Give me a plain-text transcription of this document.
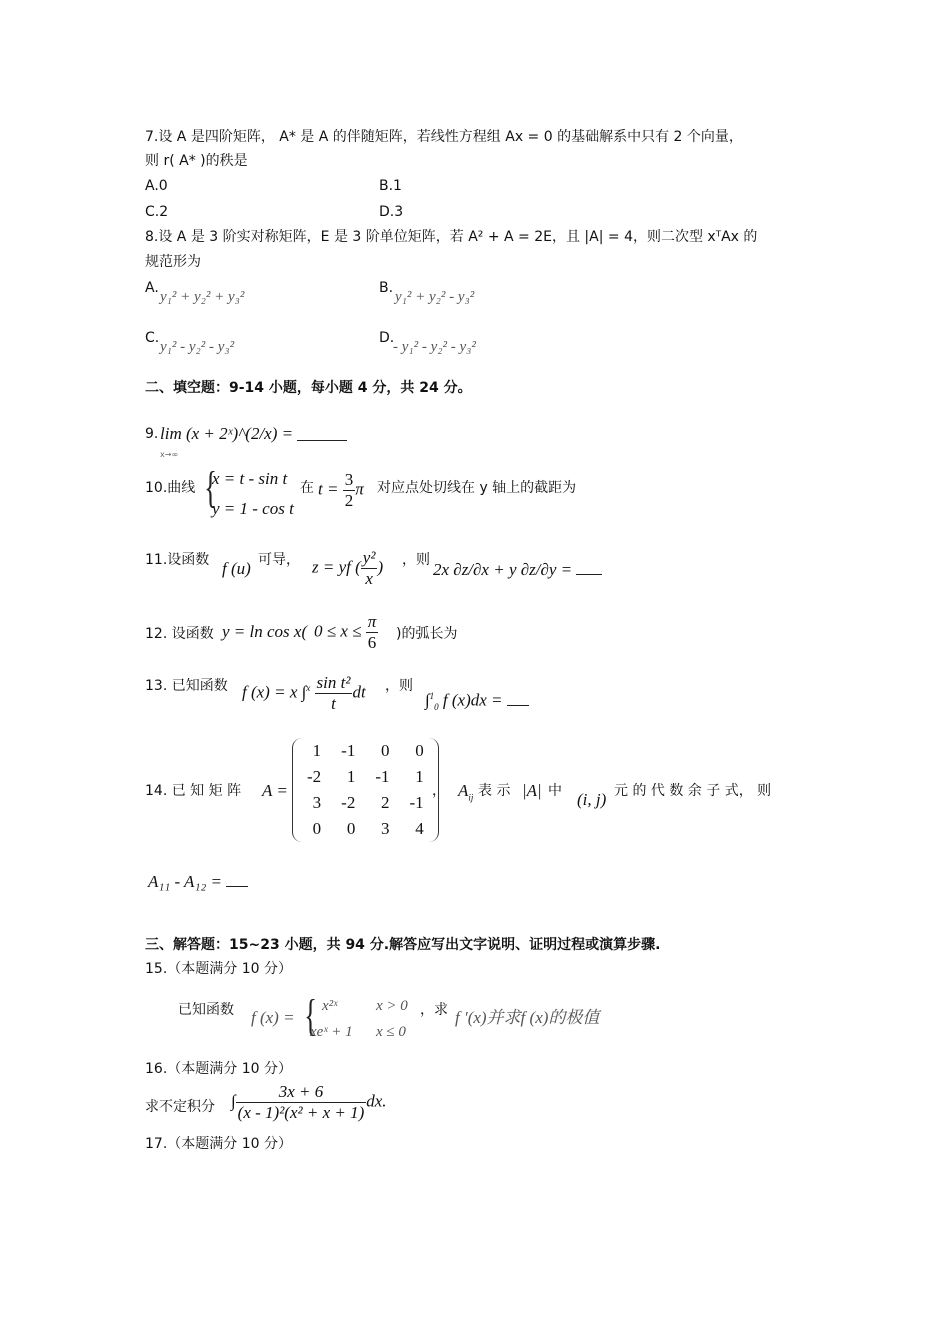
7.设 A 是四阶矩阵， A* 是 A 的伴随矩阵，若线性方程组 Ax = 0 的基础解系中只有 2 个向量，
则 r( A* )的秩是
A.0	B.1
C.2	D.3
8.设 A 是 3 阶实对称矩阵，E 是 3 阶单位矩阵，若 A² + A = 2E，且 |A| = 4，则二次型 xᵀAx 的
规范形为
A.
y₁² + y₂² + y₃²
B.
y₁² + y₂² - y₃²
C.
y₁² - y₂² - y₃²
D.
- y₁² - y₂² - y₃²
二、填空题：9-14 小题，每小题 4 分，共 24 分。
9. lim (x + 2ˣ)^(2/x) =
x→∞
10.曲线 {
x = t - sin t
y = 1 - cos t
在 $t = \frac{3}{2}$ π 对应点处切线在 y 轴上的截距为
11.设函数 f (u) 可导， z = yf ( $\frac{\text{y²}}{x}$ ) ，则 2x ∂z/∂x + y ∂z/∂y =
12. 设函数 y = ln cos x( $0 \le x \le \frac{\pi}{6}$ )的弧长为
13. 已知函数 f (x) = x $\int^x \frac{\text{sin t²}}{t}$ dt ，则
∫$^1_0$ f (x)dx =
14. 已 知 矩 阵 A =
1	-1	0	0
-2	1	-1	1
3	-2	2	-1
0	0	3	4
， $A_{ij}$ 表 示 |A| 中 (i, j) 元 的 代 数 余 子 式， 则
A₁₁ - A₁₂ =
三、解答题：15~23 小题，共 94 分.解答应写出文字说明、证明过程或演算步骤.
15.（本题满分 10 分）
已知函数 f (x) = { x²ˣ	x > 0
xeˣ + 1 x ≤ 0
，求 f ′(x)并求f (x)的极值
16.（本题满分 10 分）
求不定积分 ∫ $\frac{3x + 6}{\text{(x - 1)²(x² + x + 1)}}$ dx.
17.（本题满分 10 分）
